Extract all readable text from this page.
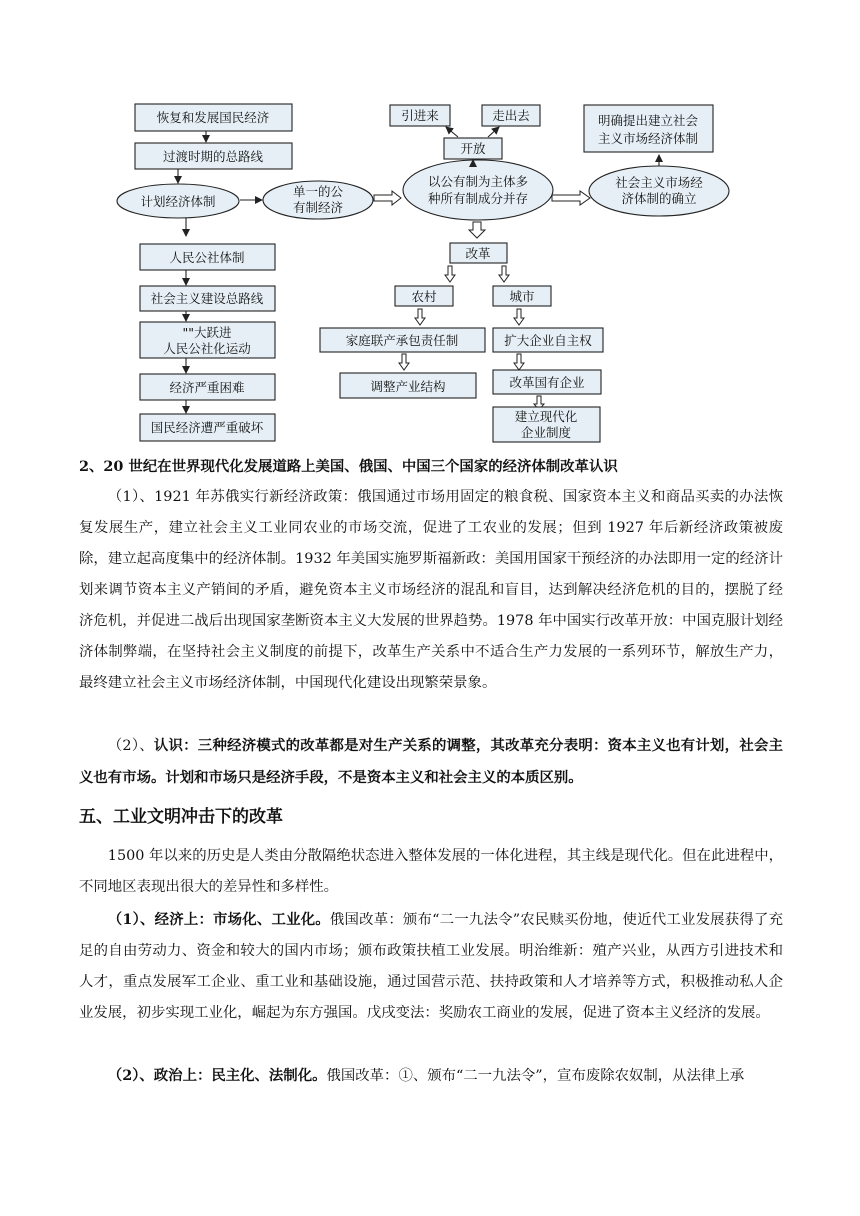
恢复和发展国民经济
过渡时期的总路线
计划经济体制
单一的公
有制经济
人民公社体制
社会主义建设总路线
""大跃进
人民公社化运动
经济严重困难
国民经济遭严重破坏
以公有制为主体多
种所有制成分并存
开放
引进来	走出去
社会主义市场经
济体制的确立
明确提出建立社会
主义市场经济体制
改革
农村	城市
家庭联产承包责任制	扩大企业自主权
调整产业结构	改革国有企业
建立现代化
企业制度

2、20 世纪在世界现代化发展道路上美国、俄国、中国三个国家的经济体制改革认识

（1）、1921 年苏俄实行新经济政策：俄国通过市场用固定的粮食税、国家资本主义和商品买卖的办法恢复发展生产，建立社会主义工业同农业的市场交流，促进了工农业的发展；但到 1927 年后新经济政策被废除，建立起高度集中的经济体制。1932 年美国实施罗斯福新政：美国用国家干预经济的办法即用一定的经济计划来调节资本主义产销间的矛盾，避免资本主义市场经济的混乱和盲目，达到解决经济危机的目的，摆脱了经济危机，并促进二战后出现国家垄断资本主义大发展的世界趋势。1978 年中国实行改革开放：中国克服计划经济体制弊端，在坚持社会主义制度的前提下，改革生产关系中不适合生产力发展的一系列环节，解放生产力，最终建立社会主义市场经济体制，中国现代化建设出现繁荣景象。

（2）、认识：三种经济模式的改革都是对生产关系的调整，其改革充分表明：资本主义也有计划，社会主义也有市场。计划和市场只是经济手段，不是资本主义和社会主义的本质区别。

五、工业文明冲击下的改革

1500 年以来的历史是人类由分散隔绝状态进入整体发展的一体化进程，其主线是现代化。但在此进程中，不同地区表现出很大的差异性和多样性。

（1）、经济上：市场化、工业化。俄国改革：颁布“二一九法令”农民赎买份地，使近代工业发展获得了充足的自由劳动力、资金和较大的国内市场；颁布政策扶植工业发展。明治维新：殖产兴业，从西方引进技术和人才，重点发展军工企业、重工业和基础设施，通过国营示范、扶持政策和人才培养等方式，积极推动私人企业发展，初步实现工业化，崛起为东方强国。戊戌变法：奖励农工商业的发展，促进了资本主义经济的发展。

（2）、政治上：民主化、法制化。俄国改革：①、颁布“二一九法令”，宣布废除农奴制，从法律上承
